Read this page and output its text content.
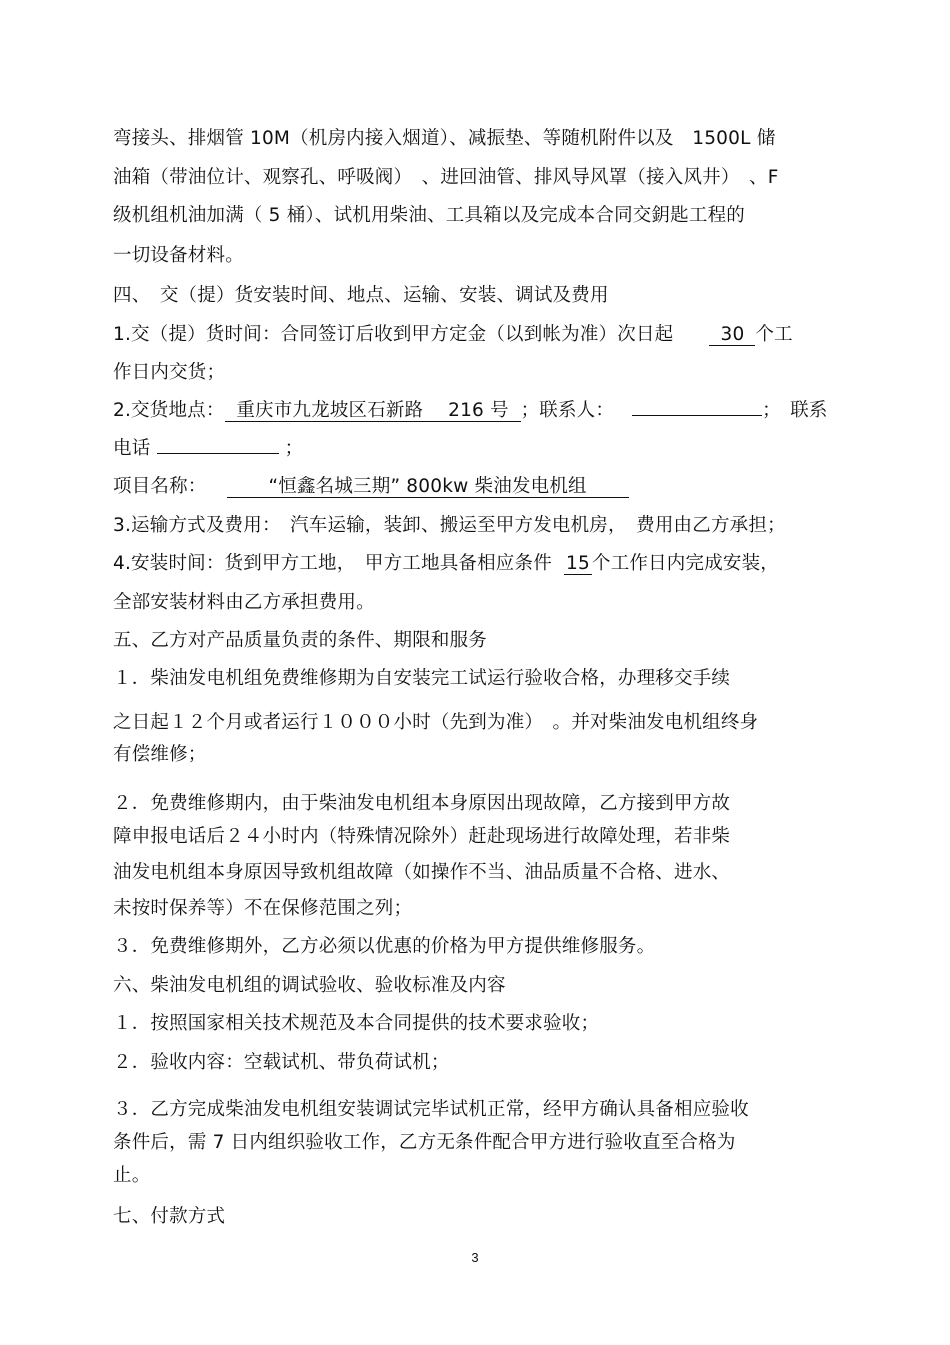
弯接头、排烟管 10M（机房内接入烟道）、减振垫、等随机附件以及　1500L 储
油箱（带油位计、观察孔、呼吸阀）　、进回油管、排风导风罩（接入风井）　、F
级机组机油加满（ 5 桶）、试机用柴油、工具箱以及完成本合同交鈅匙工程的
一切设备材料。
四、　交（提）货安装时间、地点、运输、安装、调试及费用
1.交（提）货时间：合同签订后收到甲方定金（以到帐为准）次日起	30 个工
作日内交货；
2.交货地点： 重庆市九龙坡区石新路　 216 号 ；联系人：	；　联系
电话	；
项目名称：	“恒鑫名城三期” 800kw 柴油发电机组
3.运输方式及费用：　汽车运输，装卸、搬运至甲方发电机房，　费用由乙方承担；
4.安装时间：货到甲方工地，　甲方工地具备相应条件 15 个工作日内完成安装，
全部安装材料由乙方承担费用。
五、乙方对产品质量负责的条件、期限和服务
１．柴油发电机组免费维修期为自安装完工试运行验收合格，办理移交手续
之日起１２个月或者运行１０００小时（先到为准）　。并对柴油发电机组终身
有偿维修；
２．免费维修期内，由于柴油发电机组本身原因出现故障，乙方接到甲方故
障申报电话后２４小时内（特殊情况除外）赶赴现场进行故障处理，若非柴
油发电机组本身原因导致机组故障（如操作不当、油品质量不合格、进水、
未按时保养等）不在保修范围之列；
３．免费维修期外，乙方必须以优惠的价格为甲方提供维修服务。
六、柴油发电机组的调试验收、验收标准及内容
１．按照国家相关技术规范及本合同提供的技术要求验收；
２．验收内容：空载试机、带负荷试机；
３．乙方完成柴油发电机组安装调试完毕试机正常，经甲方确认具备相应验收
条件后，需 7 日内组织验收工作，乙方无条件配合甲方进行验收直至合格为
止。
七、付款方式
3
